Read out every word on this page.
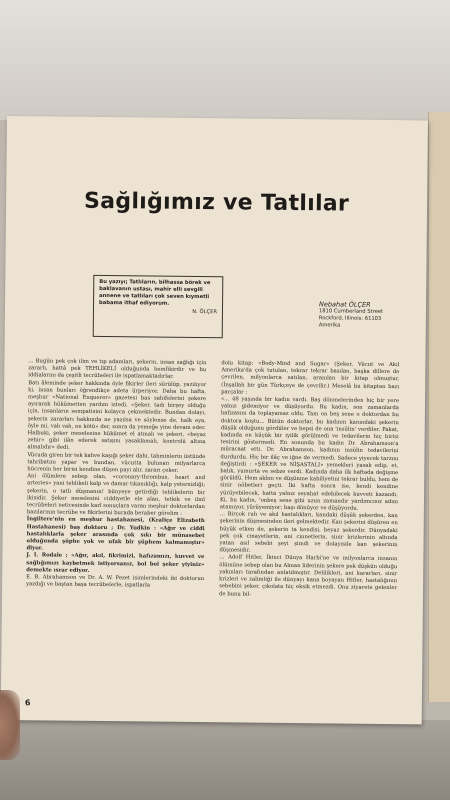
Sağlığımız ve Tatlılar
Bu yazıyı; Tatlıların, bilhassa börek ve baklavanın ustası, mahir elli sevgili annene ve tatlıları çok seven kıymetli babama ithaf ediyorum.
N. ÖLÇER
Nebahat ÖLÇER
1810 Cumberland Street
Rockford, Illinois: 61103
Amerika

... Bugün pek çok ilim ve tıp adamları, şekerin, insan sağlığı için zararlı, hattâ pek TEHLİKELİ olduğunda hemfikirdir ve bu iddialarını da çeşitli tecrübeleri ile ispatlamaktadırlar.

Batı âleminde şeker hakkında öyle fikirler ileri sürülüp, yazılıyor ki, insan bunları öğrendikçe adeta ürperiyor. Daha bu hafta, meşhur «National Enquerer» gazetesi bas sahifelerini şekere ayırarak hükümetten yardım istedi. «Şeker, tadı birşey olduğu için, insanların sempatisini kolayca çekmektedir. Bundan dolayı, şekerin zararları hakkında ne yazılsa ve söylense de, halk eya, öyle mi, vah vah, ne kötü» der, sonra da yemeğe yine devam eder. Halbuki, şeker meselesine hükümet el atmalı ve şekeri, «beyaz zehir» gibi ilân ederek satışını yasaklamalı, kontrolü altına almalıdır» dedi.

Vücuda giren bir tek kahve kaşığı şeker dahi, tahminlerin üstünde tahribatını yapar ve bundan, vücutta bulunan milyarlarca hücrenin her birisi kendine düşen payı alır, zararı çeker.

Ani ölümlere sebep olan, «coronary-thrombus, heart and arteries» yani tehlikeli kalp ve damar tıkanıklığı, kalp yetersizliği; şekerin, o tatlı düşmanın! bünyeye getirdiği tehlikelerin bir ikisidir. Şeker meselesini ciddiyetle ele alan, tetkik ve ilmî tecrübeleri neticesinde karî sonuçlara varan meşhur doktorlardan bazılarının tecrübe ve fikirlerini burada beraber görelim :

İngiltere'nin en meşhur hastahanesi, (Kraliçe Elizabeth Hastahanesi) baş doktoru ; Dr. Yudkin : «Ağır ve ciddi hastalıklarla şeker arasında çok sıkı bir münasebet olduğunda şüphe yok ve ufak bir şüphem kalmamıştır» diyor.

J. I. Rodale ; «Ağır, akıl, fikrimizi, hafızamızı, kuvvet ve sağlığımızı kaybetmek istiyorsanız, bol bol şeker yiyiniz» demekte ısrar ediyor.

E. B. Abrahamson ve Dr. A. W. Pezet isimlerindeki iki doktorun yazdığı ve baştan başa tecrübelerle, ispatlarla

dolu kitap: «Body-Mind and Sugar» (Şeker, Vücut ve Akıl Amerika'da çok tutulan, tekrar tekrar basılan, başka dillere de çevrilen, milyonlarca satılan, aranılan bir kitap olmuştur. (İnşallah bir gün Türkçeye de çevrilir.) Meselâ bu kitaptan bazı parçalar :

«... 48 yaşında bir kadın vardı. Baş dönmelerinden hiç bir yere yalnız gidemiyor ve düşüyordu. Bu kadın, son zamanlarda hafızasını da toplayamaz oldu. Tam on beş sene o doktordan bu doktora koştu... Bütün doktorlar, bu kadının kanındaki şekerin düşük olduğunu gördüler ve hepsi de ona 'insülin' verdiler. Fakat, kadında en küçük bir iyilik görülmedi ve tedavilerin hiç birisi tesirini göstermedi. En sonunda bu kadın Dr. Abrahamson'a müracaat etti. Dr. Abrahamson, kadının insülin tedavilerini durdurdu. Hiç bir ilâç ve iğne de vermedi. Sadece yiyecek tarzını değiştirdi : «ŞEKER ve NİŞASTALI» yemekleri yasak edip, et, balık, yumurta ve sebze verdi. Kadında daha ilk haftada değişme görüldü. Hem aklını ve düşünme kabiliyetini tekrar buldu, hem de sinir nöbetleri geçti. İki hafta sonra ise, kendi kendine yürüyebilecek, hatta yalnız seyahat edebilecek kuvveti kazandı. Ki, bu kadın, 'onbeş sene gibi uzun zamandır yardımcısız adım atamıyor, yürüyemiyor; başı dönüyor ve düşüyordu.

... Birçok ruh ve akıl hastalıkları, kandaki düşük şekerden, kan şekerinin düşmesinden ileri gelmektedir. Kan şekerini düşüren en büyük etken de, şekerin ta kendisi, beyaz şekerdir. Dünyadaki pek çok cinayetlerin, ani cinnetlerin, sinir krizlerinin altında yatan asıl sebebi şeyi şimdi ve dolayısile kan şekerinin düşmesidir.

... Adolf Hitler, İkinci Dünya Harbi'ne ve milyonlarca insanın ölümüne sebep olan bu Alman liderinin şekere pek düşkün olduğu yakınları tarafından anlatılmıştır. Delilikleri, ani kararları, sinir krizleri ve zalimliği ile dünyayı kana boyayan Hitler, hastalığının sebebini şeker, çikolata hiç eksik etmezdi. Onu ziyarete gelenler de bunu bil-

6
